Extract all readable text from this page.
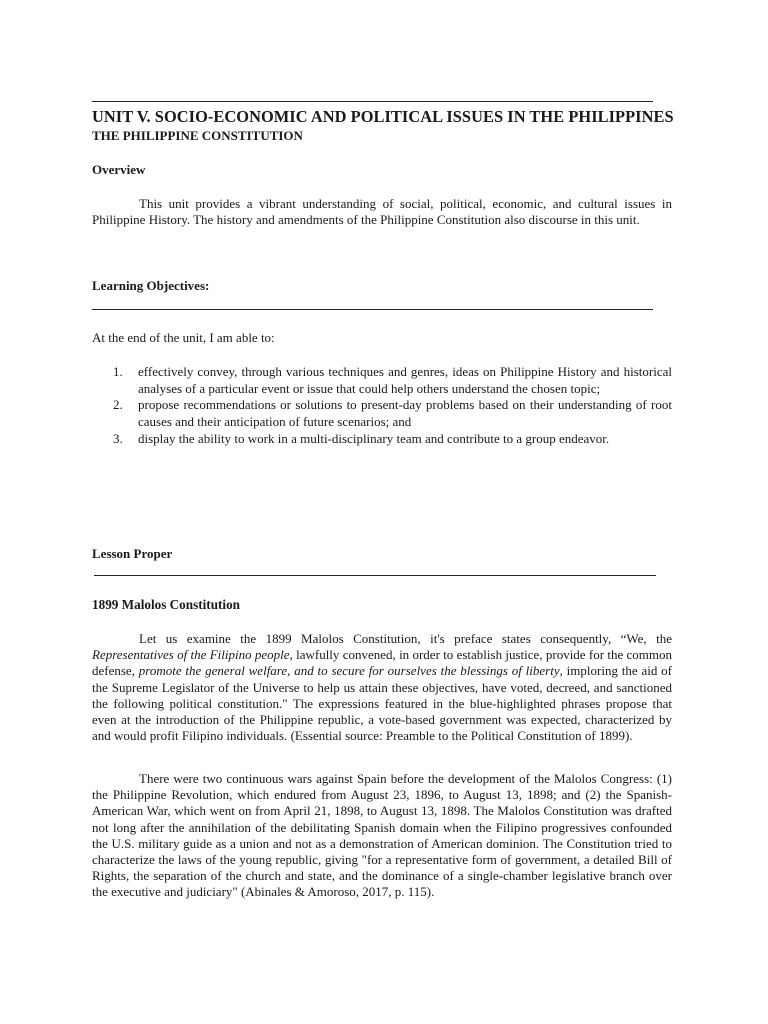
UNIT V. SOCIO-ECONOMIC AND POLITICAL ISSUES IN THE PHILIPPINES
THE PHILIPPINE CONSTITUTION
Overview

This unit provides a vibrant understanding of social, political, economic, and cultural issues in Philippine History. The history and amendments of the Philippine Constitution also discourse in this unit.

Learning Objectives:

At the end of the unit, I am able to:

1. effectively convey, through various techniques and genres, ideas on Philippine History and historical analyses of a particular event or issue that could help others understand the chosen topic;
2. propose recommendations or solutions to present-day problems based on their understanding of root causes and their anticipation of future scenarios; and
3. display the ability to work in a multi-disciplinary team and contribute to a group endeavor.
Lesson Proper
1899 Malolos Constitution

Let us examine the 1899 Malolos Constitution, it's preface states consequently, “We, the Representatives of the Filipino people, lawfully convened, in order to establish justice, provide for the common defense, promote the general welfare, and to secure for ourselves the blessings of liberty, imploring the aid of the Supreme Legislator of the Universe to help us attain these objectives, have voted, decreed, and sanctioned the following political constitution." The expressions featured in the blue-highlighted phrases propose that even at the introduction of the Philippine republic, a vote-based government was expected, characterized by and would profit Filipino individuals. (Essential source: Preamble to the Political Constitution of 1899).

There were two continuous wars against Spain before the development of the Malolos Congress: (1) the Philippine Revolution, which endured from August 23, 1896, to August 13, 1898; and (2) the Spanish-American War, which went on from April 21, 1898, to August 13, 1898. The Malolos Constitution was drafted not long after the annihilation of the debilitating Spanish domain when the Filipino progressives confounded the U.S. military guide as a union and not as a demonstration of American dominion. The Constitution tried to characterize the laws of the young republic, giving "for a representative form of government, a detailed Bill of Rights, the separation of the church and state, and the dominance of a single-chamber legislative branch over the executive and judiciary" (Abinales & Amoroso, 2017, p. 115).
